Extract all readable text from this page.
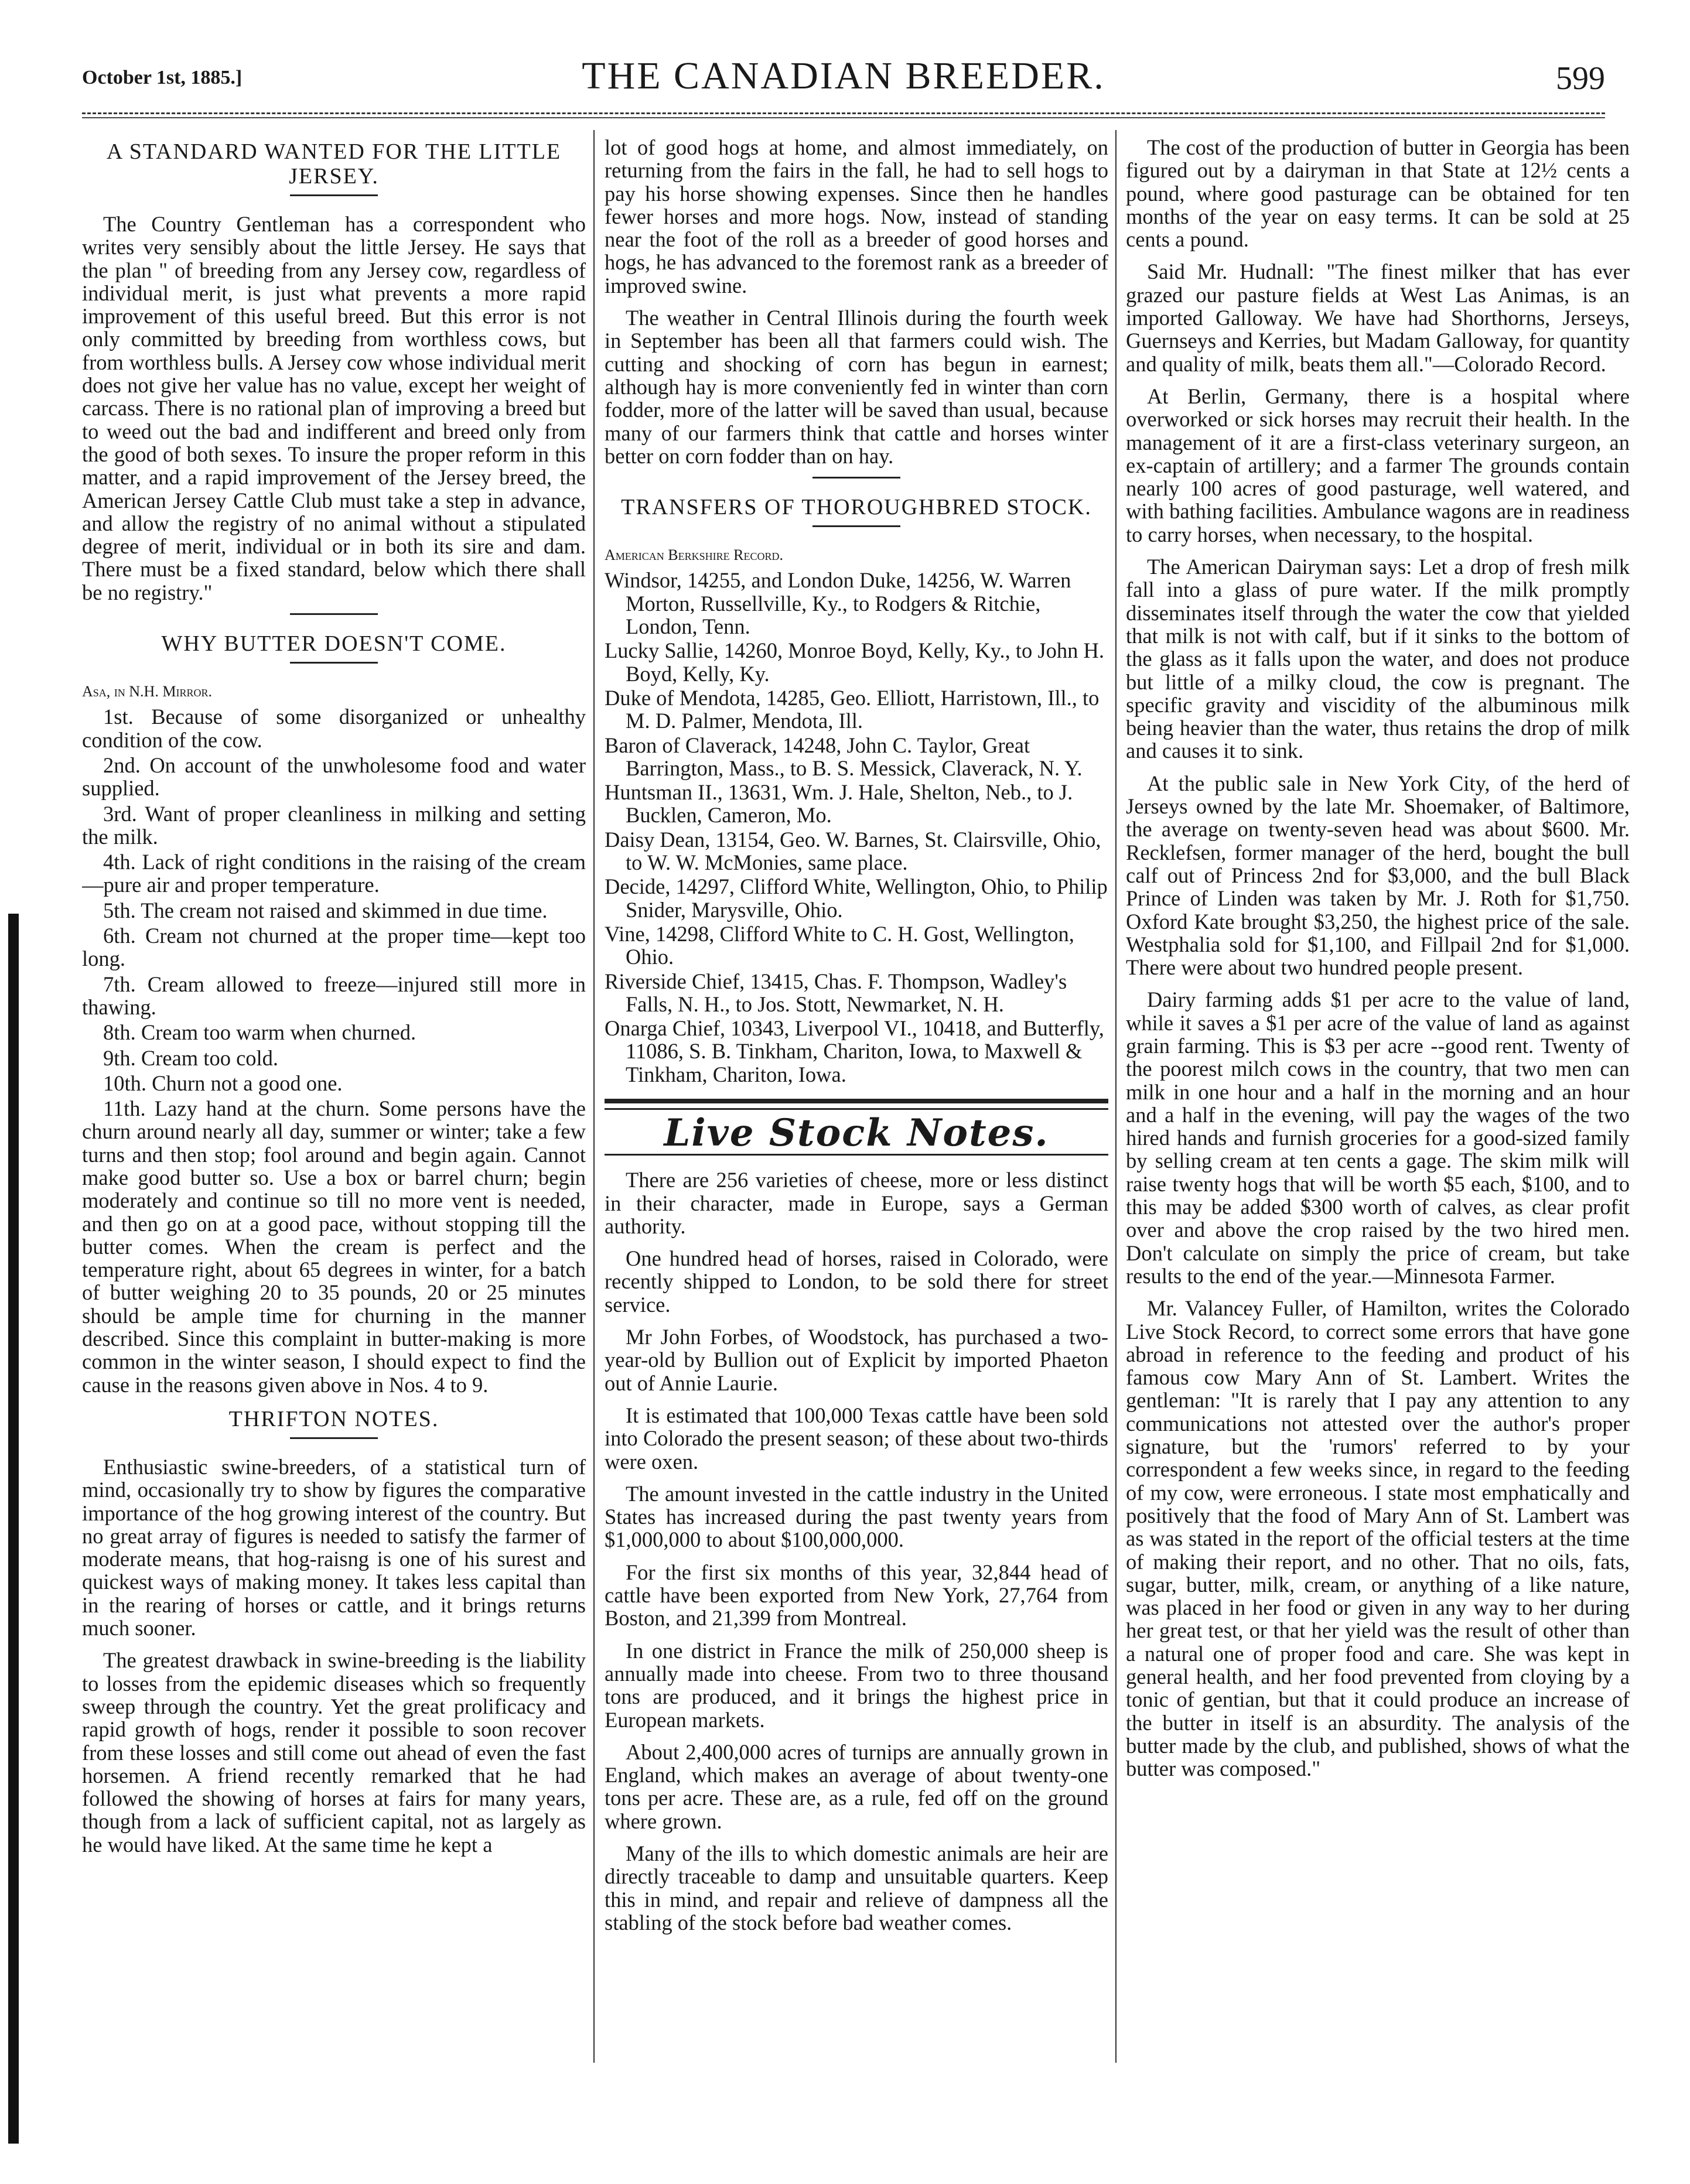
October 1st, 1885.]	THE CANADIAN BREEDER.	599
A STANDARD WANTED FOR THE LITTLE JERSEY.

The Country Gentleman has a correspondent who writes very sensibly about the little Jersey. He says that the plan " of breeding from any Jersey cow, regardless of individual merit, is just what prevents a more rapid improvement of this useful breed. But this error is not only committed by breeding from worthless cows, but from worthless bulls. A Jersey cow whose individual merit does not give her value has no value, except her weight of carcass. There is no rational plan of improving a breed but to weed out the bad and indifferent and breed only from the good of both sexes. To insure the proper reform in this matter, and a rapid improvement of the Jersey breed, the American Jersey Cattle Club must take a step in advance, and allow the registry of no animal without a stipulated degree of merit, individual or in both its sire and dam. There must be a fixed standard, below which there shall be no registry."

WHY BUTTER DOESN'T COME.

Asa, in N.H. Mirror.

1st. Because of some disorganized or unhealthy condition of the cow.

2nd. On account of the unwholesome food and water supplied.

3rd. Want of proper cleanliness in milking and setting the milk.

4th. Lack of right conditions in the raising of the cream—pure air and proper temperature.

5th. The cream not raised and skimmed in due time.

6th. Cream not churned at the proper time—kept too long.

7th. Cream allowed to freeze—injured still more in thawing.

8th. Cream too warm when churned.

9th. Cream too cold.

10th. Churn not a good one.

11th. Lazy hand at the churn. Some persons have the churn around nearly all day, summer or winter; take a few turns and then stop; fool around and begin again. Cannot make good butter so. Use a box or barrel churn; begin moderately and continue so till no more vent is needed, and then go on at a good pace, without stopping till the butter comes. When the cream is perfect and the temperature right, about 65 degrees in winter, for a batch of butter weighing 20 to 35 pounds, 20 or 25 minutes should be ample time for churning in the manner described. Since this complaint in butter-making is more common in the winter season, I should expect to find the cause in the reasons given above in Nos. 4 to 9.

THRIFTON NOTES.

Enthusiastic swine-breeders, of a statistical turn of mind, occasionally try to show by figures the comparative importance of the hog growing interest of the country. But no great array of figures is needed to satisfy the farmer of moderate means, that hog-raisng is one of his surest and quickest ways of making money. It takes less capital than in the rearing of horses or cattle, and it brings returns much sooner.

The greatest drawback in swine-breeding is the liability to losses from the epidemic diseases which so frequently sweep through the country. Yet the great prolificacy and rapid growth of hogs, render it possible to soon recover from these losses and still come out ahead of even the fast horsemen. A friend recently remarked that he had followed the showing of horses at fairs for many years, though from a lack of sufficient capital, not as largely as he would have liked. At the same time he kept a

lot of good hogs at home, and almost immediately, on returning from the fairs in the fall, he had to sell hogs to pay his horse showing expenses. Since then he handles fewer horses and more hogs. Now, instead of standing near the foot of the roll as a breeder of good horses and hogs, he has advanced to the foremost rank as a breeder of improved swine.

The weather in Central Illinois during the fourth week in September has been all that farmers could wish. The cutting and shocking of corn has begun in earnest; although hay is more conveniently fed in winter than corn fodder, more of the latter will be saved than usual, because many of our farmers think that cattle and horses winter better on corn fodder than on hay.

TRANSFERS OF THOROUGHBRED STOCK.

American Berkshire Record.

Windsor, 14255, and London Duke, 14256, W. Warren Morton, Russellville, Ky., to Rodgers & Ritchie, London, Tenn.

Lucky Sallie, 14260, Monroe Boyd, Kelly, Ky., to John H. Boyd, Kelly, Ky.

Duke of Mendota, 14285, Geo. Elliott, Harristown, Ill., to M. D. Palmer, Mendota, Ill.

Baron of Claverack, 14248, John C. Taylor, Great Barrington, Mass., to B. S. Messick, Claverack, N. Y.

Huntsman II., 13631, Wm. J. Hale, Shelton, Neb., to J. Bucklen, Cameron, Mo.

Daisy Dean, 13154, Geo. W. Barnes, St. Clairsville, Ohio, to W. W. McMonies, same place.

Decide, 14297, Clifford White, Wellington, Ohio, to Philip Snider, Marysville, Ohio.

Vine, 14298, Clifford White to C. H. Gost, Wellington, Ohio.

Riverside Chief, 13415, Chas. F. Thompson, Wadley's Falls, N. H., to Jos. Stott, Newmarket, N. H.

Onarga Chief, 10343, Liverpool VI., 10418, and Butterfly, 11086, S. B. Tinkham, Chariton, Iowa, to Maxwell & Tinkham, Chariton, Iowa.

Live Stock Notes.

There are 256 varieties of cheese, more or less distinct in their character, made in Europe, says a German authority.

One hundred head of horses, raised in Colorado, were recently shipped to London, to be sold there for street service.

Mr John Forbes, of Woodstock, has purchased a two-year-old by Bullion out of Explicit by imported Phaeton out of Annie Laurie.

It is estimated that 100,000 Texas cattle have been sold into Colorado the present season; of these about two-thirds were oxen.

The amount invested in the cattle industry in the United States has increased during the past twenty years from $1,000,000 to about $100,000,000.

For the first six months of this year, 32,844 head of cattle have been exported from New York, 27,764 from Boston, and 21,399 from Montreal.

In one district in France the milk of 250,000 sheep is annually made into cheese. From two to three thousand tons are produced, and it brings the highest price in European markets.

About 2,400,000 acres of turnips are annually grown in England, which makes an average of about twenty-one tons per acre. These are, as a rule, fed off on the ground where grown.

Many of the ills to which domestic animals are heir are directly traceable to damp and unsuitable quarters. Keep this in mind, and repair and relieve of dampness all the stabling of the stock before bad weather comes.

The cost of the production of butter in Georgia has been figured out by a dairyman in that State at 12½ cents a pound, where good pasturage can be obtained for ten months of the year on easy terms. It can be sold at 25 cents a pound.

Said Mr. Hudnall: "The finest milker that has ever grazed our pasture fields at West Las Animas, is an imported Galloway. We have had Shorthorns, Jerseys, Guernseys and Kerries, but Madam Galloway, for quantity and quality of milk, beats them all."—Colorado Record.

At Berlin, Germany, there is a hospital where overworked or sick horses may recruit their health. In the management of it are a first-class veterinary surgeon, an ex-captain of artillery; and a farmer The grounds contain nearly 100 acres of good pasturage, well watered, and with bathing facilities. Ambulance wagons are in readiness to carry horses, when necessary, to the hospital.

The American Dairyman says: Let a drop of fresh milk fall into a glass of pure water. If the milk promptly disseminates itself through the water the cow that yielded that milk is not with calf, but if it sinks to the bottom of the glass as it falls upon the water, and does not produce but little of a milky cloud, the cow is pregnant. The specific gravity and viscidity of the albuminous milk being heavier than the water, thus retains the drop of milk and causes it to sink.

At the public sale in New York City, of the herd of Jerseys owned by the late Mr. Shoemaker, of Baltimore, the average on twenty-seven head was about $600. Mr. Recklefsen, former manager of the herd, bought the bull calf out of Princess 2nd for $3,000, and the bull Black Prince of Linden was taken by Mr. J. Roth for $1,750. Oxford Kate brought $3,250, the highest price of the sale. Westphalia sold for $1,100, and Fillpail 2nd for $1,000. There were about two hundred people present.

Dairy farming adds $1 per acre to the value of land, while it saves a $1 per acre of the value of land as against grain farming. This is $3 per acre --good rent. Twenty of the poorest milch cows in the country, that two men can milk in one hour and a half in the morning and an hour and a half in the evening, will pay the wages of the two hired hands and furnish groceries for a good-sized family by selling cream at ten cents a gage. The skim milk will raise twenty hogs that will be worth $5 each, $100, and to this may be added $300 worth of calves, as clear profit over and above the crop raised by the two hired men. Don't calculate on simply the price of cream, but take results to the end of the year.—Minnesota Farmer.

Mr. Valancey Fuller, of Hamilton, writes the Colorado Live Stock Record, to correct some errors that have gone abroad in reference to the feeding and product of his famous cow Mary Ann of St. Lambert. Writes the gentleman: "It is rarely that I pay any attention to any communications not attested over the author's proper signature, but the 'rumors' referred to by your correspondent a few weeks since, in regard to the feeding of my cow, were erroneous. I state most emphatically and positively that the food of Mary Ann of St. Lambert was as was stated in the report of the official testers at the time of making their report, and no other. That no oils, fats, sugar, butter, milk, cream, or anything of a like nature, was placed in her food or given in any way to her during her great test, or that her yield was the result of other than a natural one of proper food and care. She was kept in general health, and her food prevented from cloying by a tonic of gentian, but that it could produce an increase of the butter in itself is an absurdity. The analysis of the butter made by the club, and published, shows of what the butter was composed."
